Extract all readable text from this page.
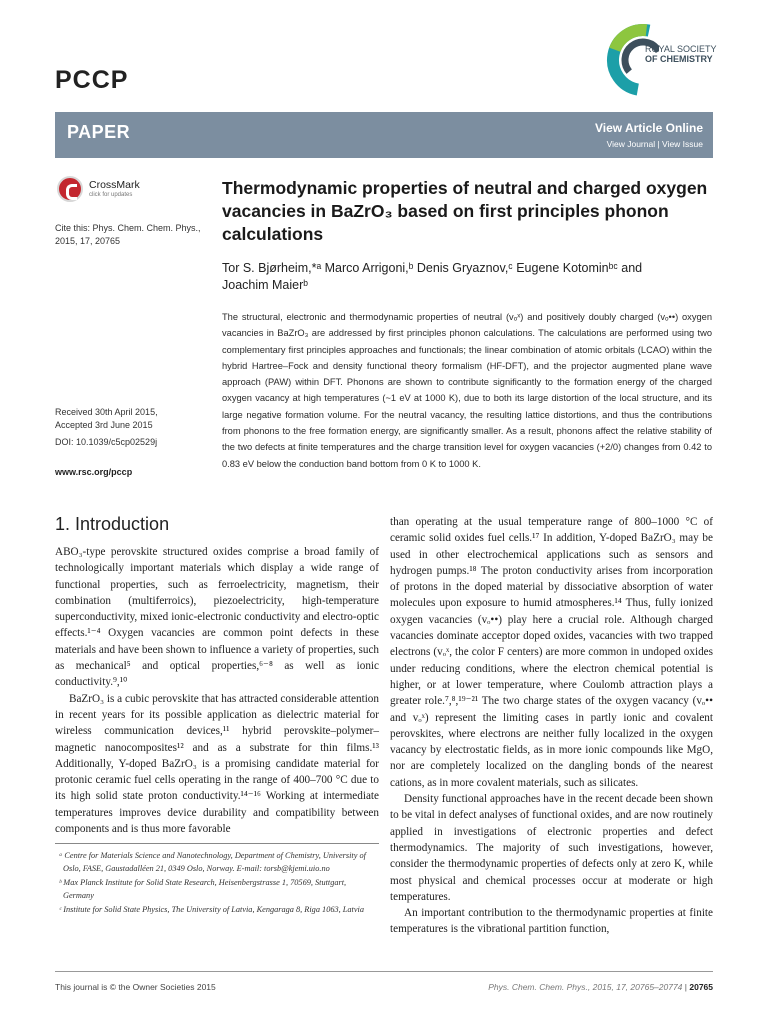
PCCP
ROYAL SOCIETY
OF CHEMISTRY
PAPER	View Article Online
View Journal | View Issue
CrossMark
click for updates
Cite this: Phys. Chem. Chem. Phys., 2015, 17, 20765
Thermodynamic properties of neutral and charged oxygen vacancies in BaZrO₃ based on first principles phonon calculations
Tor S. Bjørheim,*ᵃ Marco Arrigoni,ᵇ Denis Gryaznov,ᶜ Eugene Kotominᵇᶜ and Joachim Maierᵇ
The structural, electronic and thermodynamic properties of neutral (vₒˣ) and positively doubly charged (vₒ••) oxygen vacancies in BaZrO₃ are addressed by first principles phonon calculations. The calculations are performed using two complementary first principles approaches and functionals; the linear combination of atomic orbitals (LCAO) within the hybrid Hartree–Fock and density functional theory formalism (HF-DFT), and the projector augmented plane wave approach (PAW) within DFT. Phonons are shown to contribute significantly to the formation energy of the charged oxygen vacancy at high temperatures (~1 eV at 1000 K), due to both its large distortion of the local structure, and its large negative formation volume. For the neutral vacancy, the resulting lattice distortions, and thus the contributions from phonons to the free formation energy, are significantly smaller. As a result, phonons affect the relative stability of the two defects at finite temperatures and the charge transition level for oxygen vacancies (+2/0) changes from 0.42 to 0.83 eV below the conduction band bottom from 0 K to 1000 K.
Received 30th April 2015,
Accepted 3rd June 2015
DOI: 10.1039/c5cp02529j
www.rsc.org/pccp
1. Introduction

ABO₃-type perovskite structured oxides comprise a broad family of technologically important materials which display a wide range of functional properties, such as ferroelectricity, magnetism, their combination (multiferroics), piezoelectricity, high-temperature superconductivity, mixed ionic-electronic conductivity and electro-optic effects.¹⁻⁴ Oxygen vacancies are common point defects in these materials and have been shown to influence a variety of properties, such as mechanical⁵ and optical properties,⁶⁻⁸ as well as ionic conductivity.⁹,¹⁰

BaZrO₃ is a cubic perovskite that has attracted considerable attention in recent years for its possible application as dielectric material for wireless communication devices,¹¹ hybrid perovskite–polymer–magnetic nanocomposites¹² and as a substrate for thin films.¹³ Additionally, Y-doped BaZrO₃ is a promising candidate material for protonic ceramic fuel cells operating in the range of 400–700 °C due to its high solid state proton conductivity.¹⁴⁻¹⁶ Working at intermediate temperatures improves device durability and compatibility between components and is thus more favorable

than operating at the usual temperature range of 800–1000 °C of ceramic solid oxides fuel cells.¹⁷ In addition, Y-doped BaZrO₃ may be used in other electrochemical applications such as sensors and hydrogen pumps.¹⁸ The proton conductivity arises from incorporation of protons in the doped material by dissociative absorption of water molecules upon exposure to humid atmospheres.¹⁴ Thus, fully ionized oxygen vacancies (vₒ••) play here a crucial role. Although charged vacancies dominate acceptor doped oxides, vacancies with two trapped electrons (vₒˣ, the color F centers) are more common in undoped oxides under reducing conditions, where the electron chemical potential is higher, or at lower temperature, where Coulomb attraction plays a greater role.⁷,⁸,¹⁹⁻²¹ The two charge states of the oxygen vacancy (vₒ•• and vₒˣ) represent the limiting cases in partly ionic and covalent perovskites, where electrons are neither fully localized in the oxygen vacancy by electrostatic fields, as in more ionic compounds like MgO, nor are completely localized on the dangling bonds of the nearest cations, as in more covalent materials, such as silicates.

Density functional approaches have in the recent decade been shown to be vital in defect analyses of functional oxides, and are now routinely applied in investigations of electronic properties and defect thermodynamics. The majority of such investigations, however, consider the thermodynamic properties of defects only at zero K, while most physical and chemical processes occur at moderate or high temperatures.

An important contribution to the thermodynamic properties at finite temperatures is the vibrational partition function,

ᵃ Centre for Materials Science and Nanotechnology, Department of Chemistry, University of Oslo, FASE, Gaustadalléen 21, 0349 Oslo, Norway. E-mail: torsb@kjemi.uio.no

ᵇ Max Planck Institute for Solid State Research, Heisenbergstrasse 1, 70569, Stuttgart, Germany

ᶜ Institute for Solid State Physics, The University of Latvia, Kengaraga 8, Riga 1063, Latvia

This journal is © the Owner Societies 2015	Phys. Chem. Chem. Phys., 2015, 17, 20765–20774 | 20765
